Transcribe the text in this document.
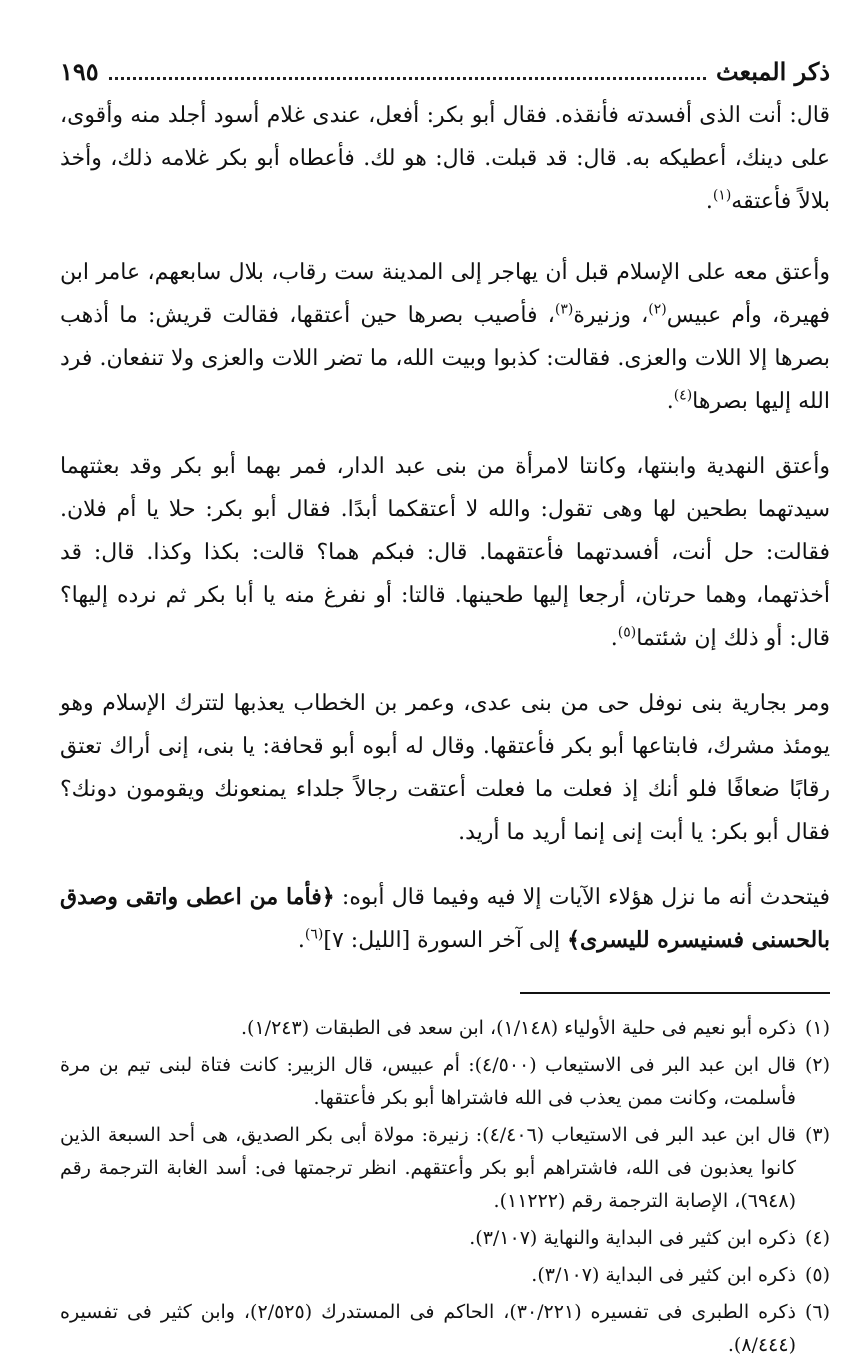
ذكر المبعث
١٩٥

قال: أنت الذى أفسدته فأنقذه. فقال أبو بكر: أفعل، عندى غلام أسود أجلد منه وأقوى، على دينك، أعطيكه به. قال: قد قبلت. قال: هو لك. فأعطاه أبو بكر غلامه ذلك، وأخذ بلالاً فأعتقه$^{(١)}$.

وأعتق معه على الإسلام قبل أن يهاجر إلى المدينة ست رقاب، بلال سابعهم، عامر ابن فهيرة، وأم عبيس$^{(٢)}$، وزنيرة$^{(٣)}$، فأصيب بصرها حين أعتقها، فقالت قريش: ما أذهب بصرها إلا اللات والعزى. فقالت: كذبوا وبيت الله، ما تضر اللات والعزى ولا تنفعان. فرد الله إليها بصرها$^{(٤)}$.

وأعتق النهدية وابنتها، وكانتا لامرأة من بنى عبد الدار، فمر بهما أبو بكر وقد بعثتهما سيدتهما بطحين لها وهى تقول: والله لا أعتقكما أبدًا. فقال أبو بكر: حلا يا أم فلان. فقالت: حل أنت، أفسدتهما فأعتقهما. قال: فبكم هما؟ قالت: بكذا وكذا. قال: قد أخذتهما، وهما حرتان، أرجعا إليها طحينها. قالتا: أو نفرغ منه يا أبا بكر ثم نرده إليها؟ قال: أو ذلك إن شئتما$^{(٥)}$.

ومر بجارية بنى نوفل حى من بنى عدى، وعمر بن الخطاب يعذبها لتترك الإسلام وهو يومئذ مشرك، فابتاعها أبو بكر فأعتقها. وقال له أبوه أبو قحافة: يا بنى، إنى أراك تعتق رقابًا ضعافًا فلو أنك إذ فعلت ما فعلت أعتقت رجالاً جلداء يمنعونك ويقومون دونك؟ فقال أبو بكر: يا أبت إنى إنما أريد ما أريد.

فيتحدث أنه ما نزل هؤلاء الآيات إلا فيه وفيما قال أبوه: ﴿فأما من اعطى واتقى وصدق بالحسنى فسنيسره لليسرى﴾ إلى آخر السورة [الليل: ٧]$^{(٦)}$.

(١)
ذكره أبو نعيم فى حلية الأولياء (١/١٤٨)، ابن سعد فى الطبقات (١/٢٤٣).
(٢)
قال ابن عبد البر فى الاستيعاب (٤/٥٠٠): أم عبيس، قال الزبير: كانت فتاة لبنى تيم بن مرة فأسلمت، وكانت ممن يعذب فى الله فاشتراها أبو بكر فأعتقها.
(٣)
قال ابن عبد البر فى الاستيعاب (٤/٤٠٦): زنيرة: مولاة أبى بكر الصديق، هى أحد السبعة الذين كانوا يعذبون فى الله، فاشتراهم أبو بكر وأعتقهم. انظر ترجمتها فى: أسد الغابة الترجمة رقم (٦٩٤٨)، الإصابة الترجمة رقم (١١٢٢٢).
(٤)
ذكره ابن كثير فى البداية والنهاية (٣/١٠٧).
(٥)
ذكره ابن كثير فى البداية (٣/١٠٧).
(٦)
ذكره الطبرى فى تفسيره (٣٠/٢٢١)، الحاكم فى المستدرك (٢/٥٢٥)، وابن كثير فى تفسيره (٨/٤٤٤).
